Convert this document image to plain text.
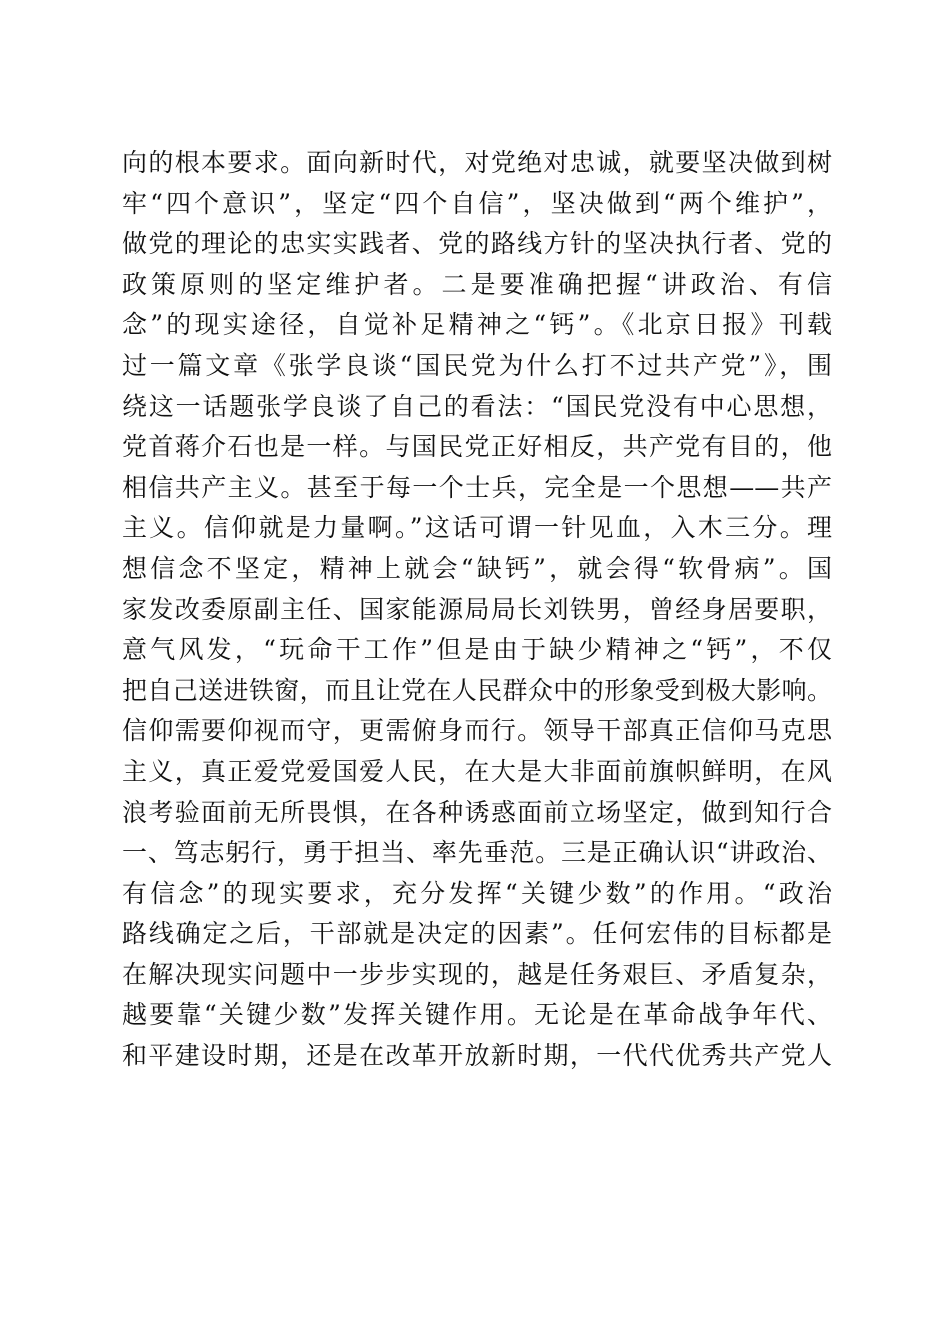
向的根本要求。面向新时代，对党绝对忠诚，就要坚决做到树
牢“四个意识”，坚定“四个自信”，坚决做到“两个维护”，
做党的理论的忠实实践者、党的路线方针的坚决执行者、党的
政策原则的坚定维护者。二是要准确把握“讲政治、有信
念”的现实途径，自觉补足精神之“钙”。《北京日报》刊载
过一篇文章《张学良谈“国民党为什么打不过共产党”》，围
绕这一话题张学良谈了自己的看法：“国民党没有中心思想，
党首蒋介石也是一样。与国民党正好相反，共产党有目的，他
相信共产主义。甚至于每一个士兵，完全是一个思想——共产
主义。信仰就是力量啊。”这话可谓一针见血，入木三分。理
想信念不坚定，精神上就会“缺钙”，就会得“软骨病”。国
家发改委原副主任、国家能源局局长刘铁男，曾经身居要职，
意气风发，“玩命干工作”但是由于缺少精神之“钙”，不仅
把自己送进铁窗，而且让党在人民群众中的形象受到极大影响。
信仰需要仰视而守，更需俯身而行。领导干部真正信仰马克思
主义，真正爱党爱国爱人民，在大是大非面前旗帜鲜明，在风
浪考验面前无所畏惧，在各种诱惑面前立场坚定，做到知行合
一、笃志躬行，勇于担当、率先垂范。三是正确认识“讲政治、
有信念”的现实要求，充分发挥“关键少数”的作用。“政治
路线确定之后，干部就是决定的因素”。任何宏伟的目标都是
在解决现实问题中一步步实现的，越是任务艰巨、矛盾复杂，
越要靠“关键少数”发挥关键作用。无论是在革命战争年代、
和平建设时期，还是在改革开放新时期，一代代优秀共产党人
